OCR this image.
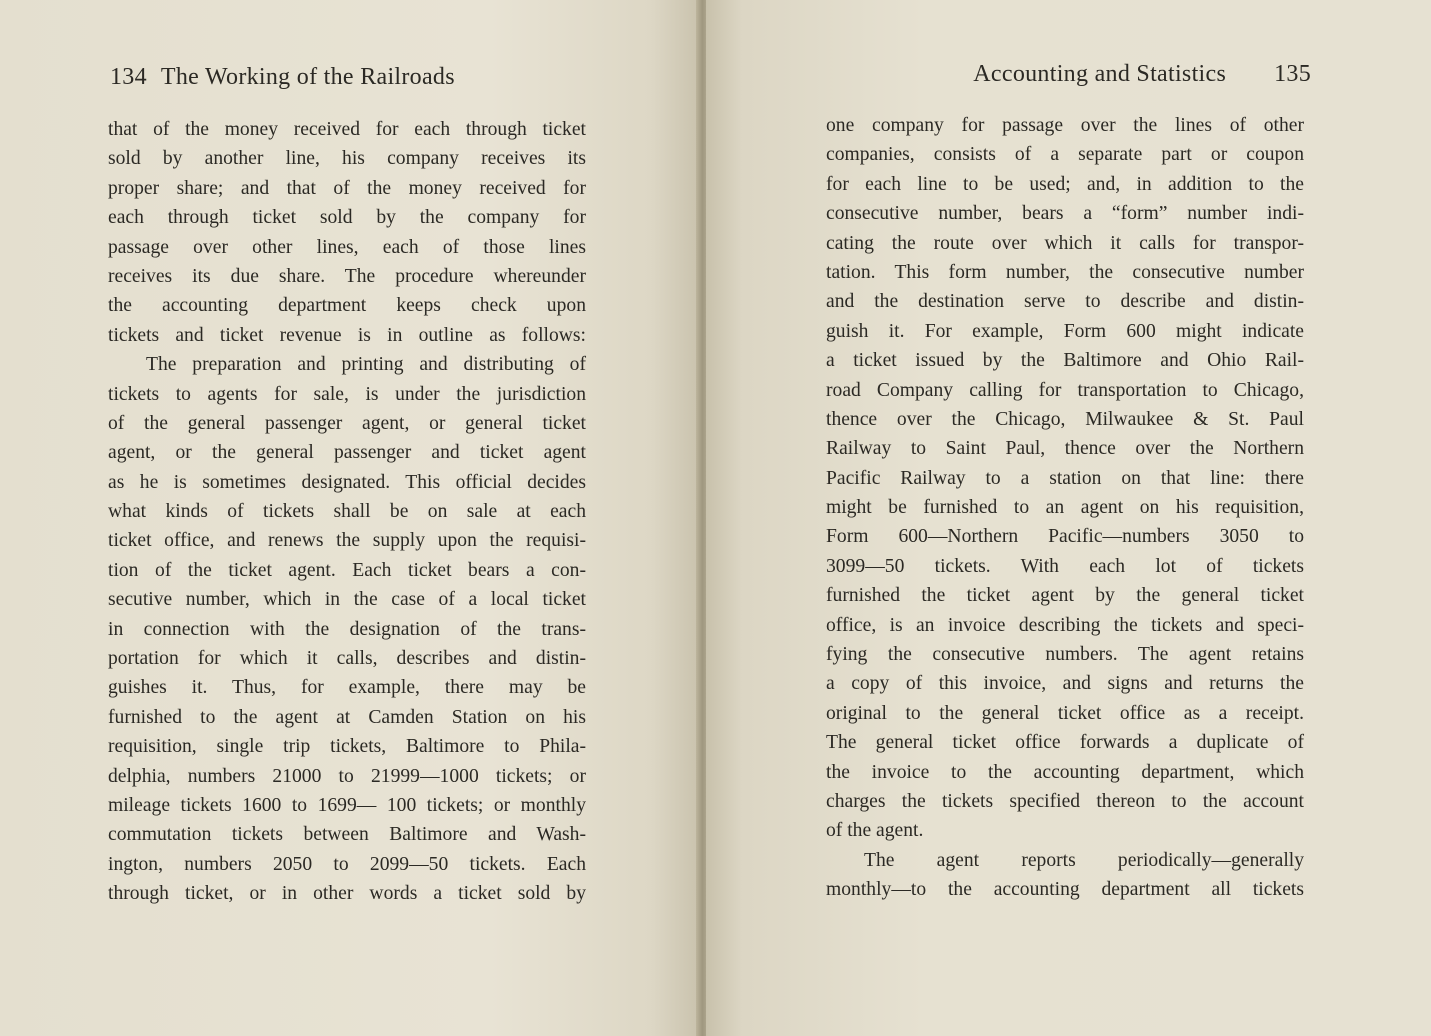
134 The Working of the Railroads
that of the money received for each through ticket
sold by another line, his company receives its
proper share; and that of the money received for
each through ticket sold by the company for
passage over other lines, each of those lines
receives its due share. The procedure whereunder
the accounting department keeps check upon
tickets and ticket revenue is in outline as follows:
The preparation and printing and distributing of
tickets to agents for sale, is under the jurisdiction
of the general passenger agent, or general ticket
agent, or the general passenger and ticket agent
as he is sometimes designated. This official decides
what kinds of tickets shall be on sale at each
ticket office, and renews the supply upon the requisi-
tion of the ticket agent. Each ticket bears a con-
secutive number, which in the case of a local ticket
in connection with the designation of the trans-
portation for which it calls, describes and distin-
guishes it. Thus, for example, there may be
furnished to the agent at Camden Station on his
requisition, single trip tickets, Baltimore to Phila-
delphia, numbers 21000 to 21999—1000 tickets; or
mileage tickets 1600 to 1699— 100 tickets; or monthly
commutation tickets between Baltimore and Wash-
ington, numbers 2050 to 2099—50 tickets. Each
through ticket, or in other words a ticket sold by
Accounting and Statistics 135
one company for passage over the lines of other
companies, consists of a separate part or coupon
for each line to be used; and, in addition to the
consecutive number, bears a “form” number indi-
cating the route over which it calls for transpor-
tation. This form number, the consecutive number
and the destination serve to describe and distin-
guish it. For example, Form 600 might indicate
a ticket issued by the Baltimore and Ohio Rail-
road Company calling for transportation to Chicago,
thence over the Chicago, Milwaukee & St. Paul
Railway to Saint Paul, thence over the Northern
Pacific Railway to a station on that line: there
might be furnished to an agent on his requisition,
Form 600—Northern Pacific—numbers 3050 to
3099—50 tickets. With each lot of tickets
furnished the ticket agent by the general ticket
office, is an invoice describing the tickets and speci-
fying the consecutive numbers. The agent retains
a copy of this invoice, and signs and returns the
original to the general ticket office as a receipt.
The general ticket office forwards a duplicate of
the invoice to the accounting department, which
charges the tickets specified thereon to the account
of the agent.
The agent reports periodically—generally
monthly—to the accounting department all tickets
